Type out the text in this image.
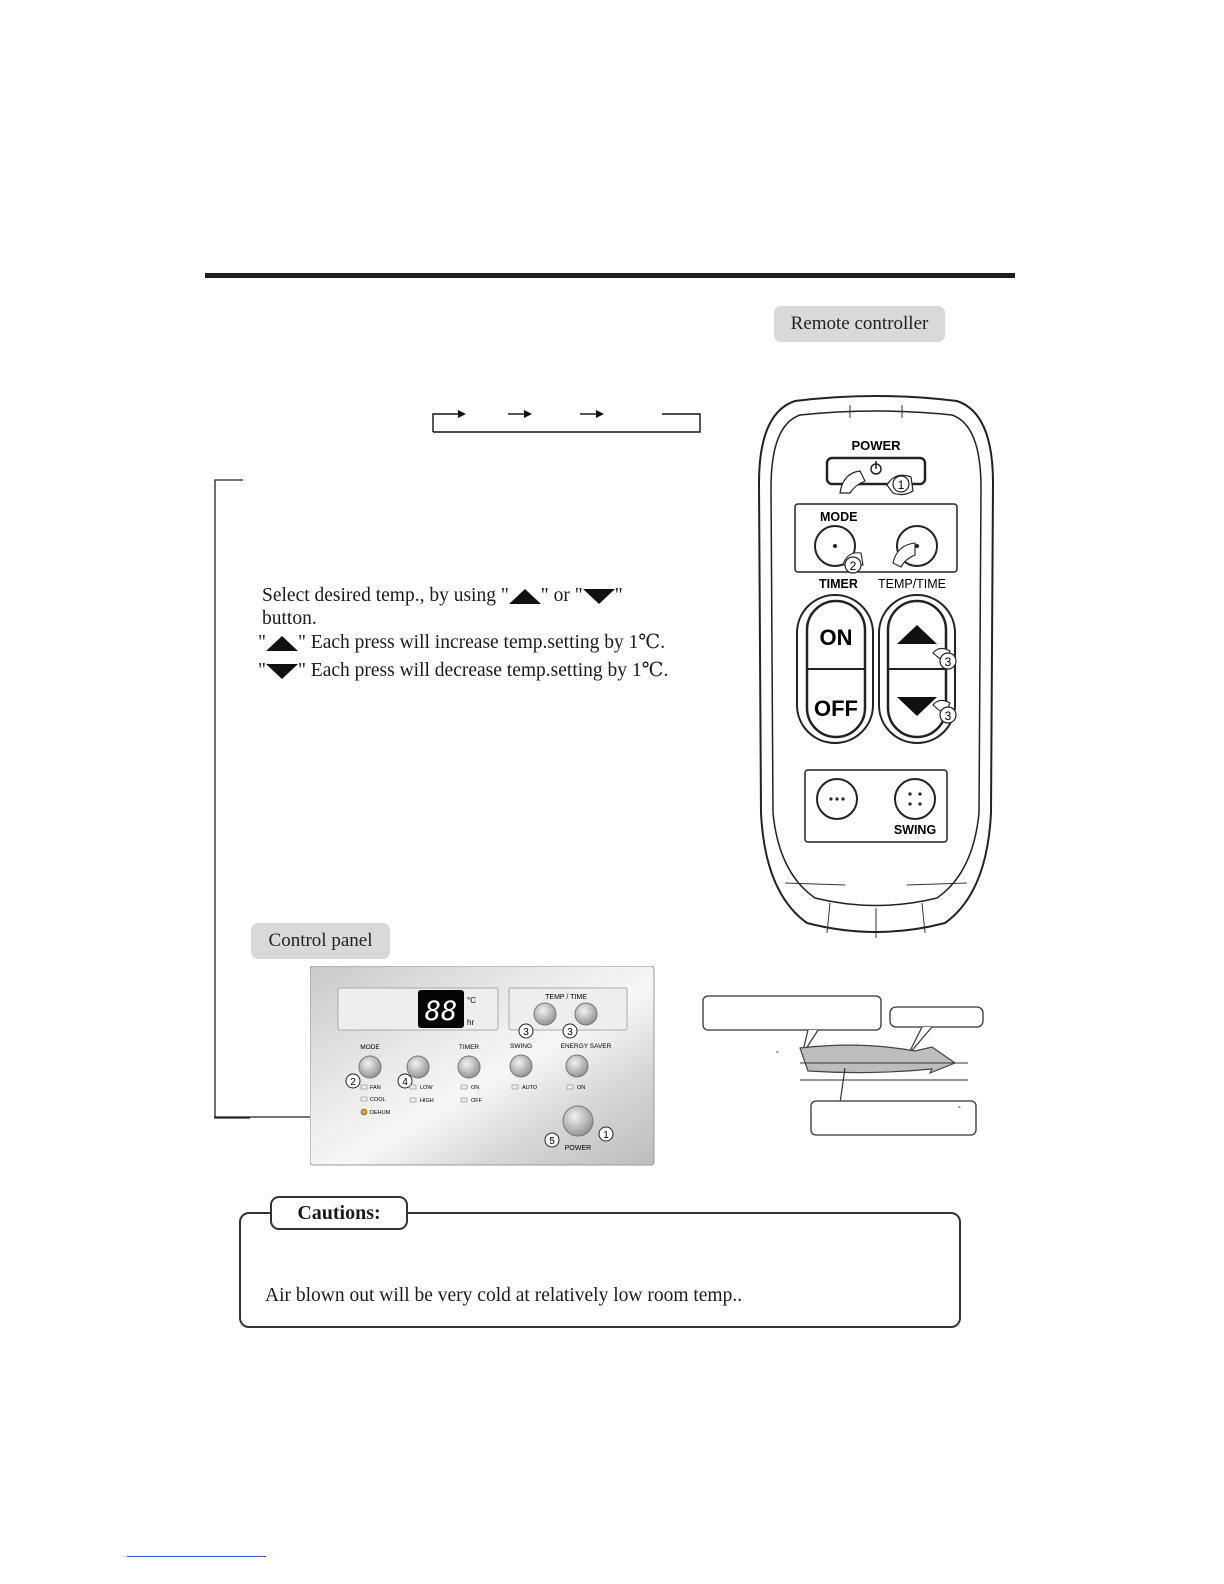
Remote controller
Select desired temp., by using " " or " "
button.
" " Each press will increase temp.setting by 1℃.
" " Each press will decrease temp.setting by 1℃.
POWER
1
MODE
2
TIMER TEMP/TIME
ON
OFF
3
3
SWING
Control panel
88 °C
hr
TEMP / TIME
3	3
MODE	TIMER	SWING	ENERGY SAVER
2	4
FAN
COOL
DEHUM
LOW
HIGH
ON
OFF
AUTO	ON
POWER
5
1
°
°
Cautions:
Air blown out will be very cold at relatively low room temp..
